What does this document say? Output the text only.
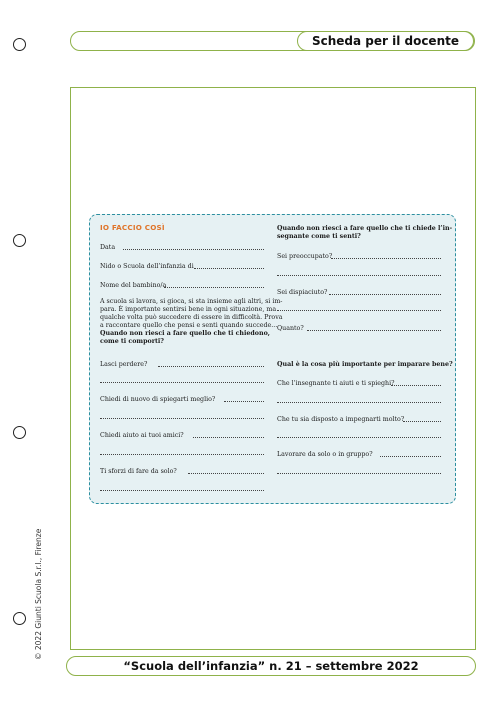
Scheda per il docente
© 2022 Giunti Scuola S.r.l., Firenze
“Scuola dell’infanzia” n. 21 – settembre 2022
IO FACCIO COSÌ
Data
Nido o Scuola dell’infanzia di
Nome del bambino/a
A scuola si lavora, si gioca, si sta insieme agli altri, si im-
para. È importante sentirsi bene in ogni situazione, ma
qualche volta può succedere di essere in difficoltà. Prova
a raccontare quello che pensi e senti quando succede...
Quando non riesci a fare quello che ti chiedono,
come ti comporti?
Lasci perdere?
Chiedi di nuovo di spiegarti meglio?
Chiedi aiuto ai tuoi amici?
Ti sforzi di fare da solo?
Quando non riesci a fare quello che ti chiede l’in-
segnante come ti senti?
Sei preoccupato?
Sei dispiaciuto?
Quanto?
Qual è la cosa più importante per imparare bene?
Che l’insegnante ti aiuti e ti spieghi?
Che tu sia disposto a impegnarti molto?
Lavorare da solo o in gruppo?
